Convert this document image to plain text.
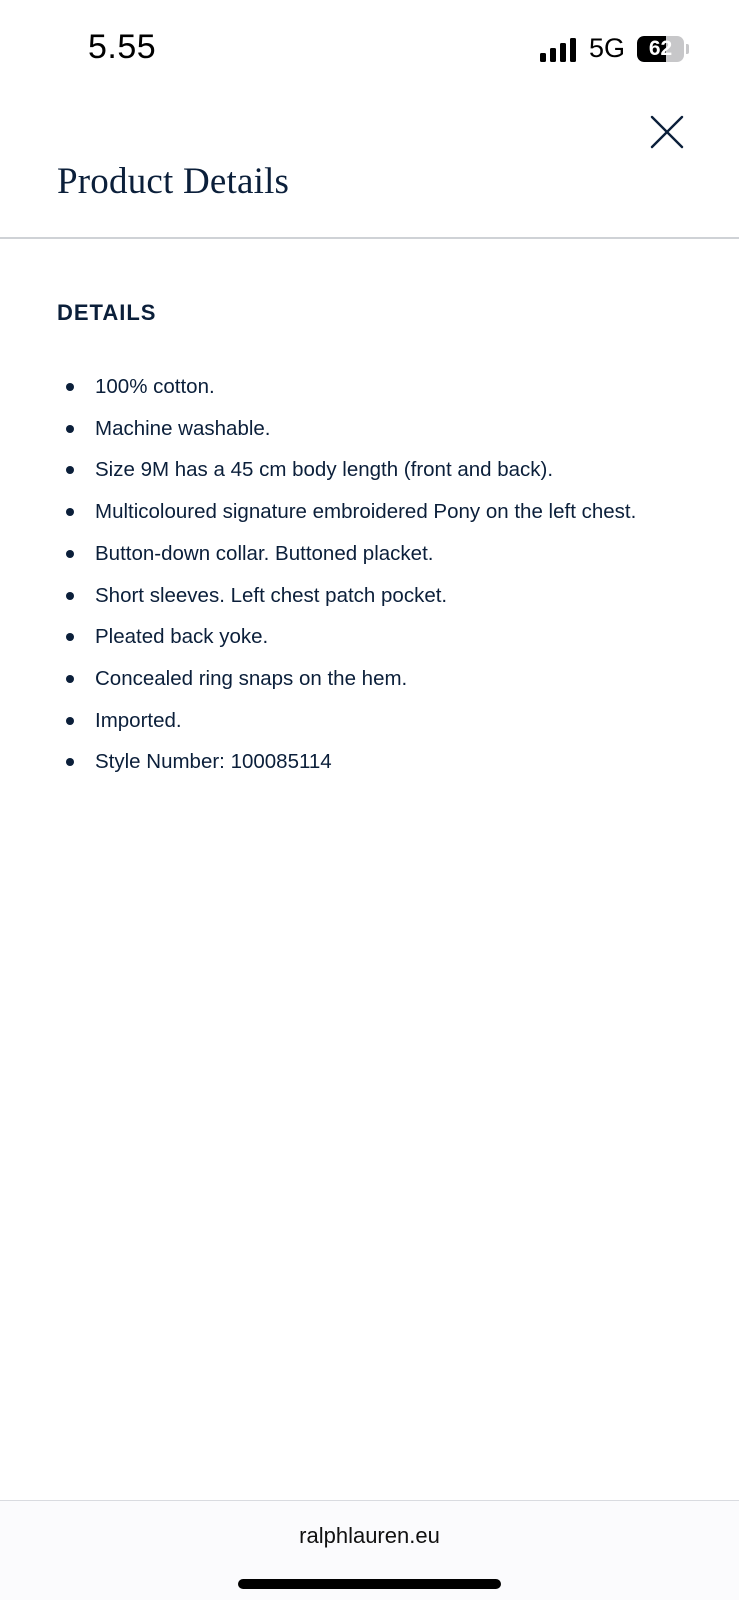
5.55	5G	62
Product Details
DETAILS
100% cotton.
Machine washable.
Size 9M has a 45 cm body length (front and back).
Multicoloured signature embroidered Pony on the left chest.
Button-down collar. Buttoned placket.
Short sleeves. Left chest patch pocket.
Pleated back yoke.
Concealed ring snaps on the hem.
Imported.
Style Number: 100085114
ralphlauren.eu
